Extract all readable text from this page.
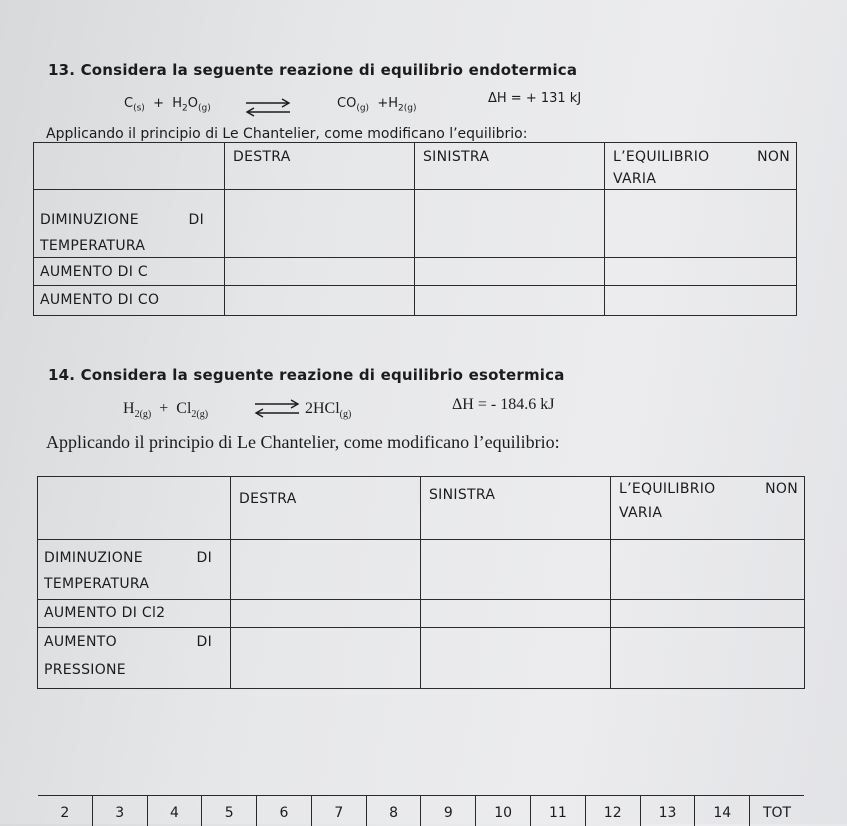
13. Considera la seguente reazione di equilibrio endotermica
$C_{(s)} + H_2O_{(g)}$	$CO_{(g)} +H_{2(g)}$
ΔH = + 131 kJ
Applicando il principio di Le Chantelier, come modificano l’equilibrio:

	DESTRA	SINISTRA	L’EQUILIBRIO NON
VARIA

DIMINUZIONE DI
TEMPERATURA			

AUMENTO DI C			

AUMENTO DI CO			

14. Considera la seguente reazione di equilibrio esotermica
$H_{2(g)} + Cl_{2(g)}$	2HCl$_{(g)}$
ΔH = - 184.6 kJ
Applicando il principio di Le Chantelier, come modificano l’equilibrio:

	DESTRA	SINISTRA	L’EQUILIBRIO NON
VARIA

DIMINUZIONE DI
TEMPERATURA			

AUMENTO DI Cl2			

AUMENTO DI
PRESSIONE			

2	3	4	5	6	7	8	9	10	11	12	13	14	TOT
